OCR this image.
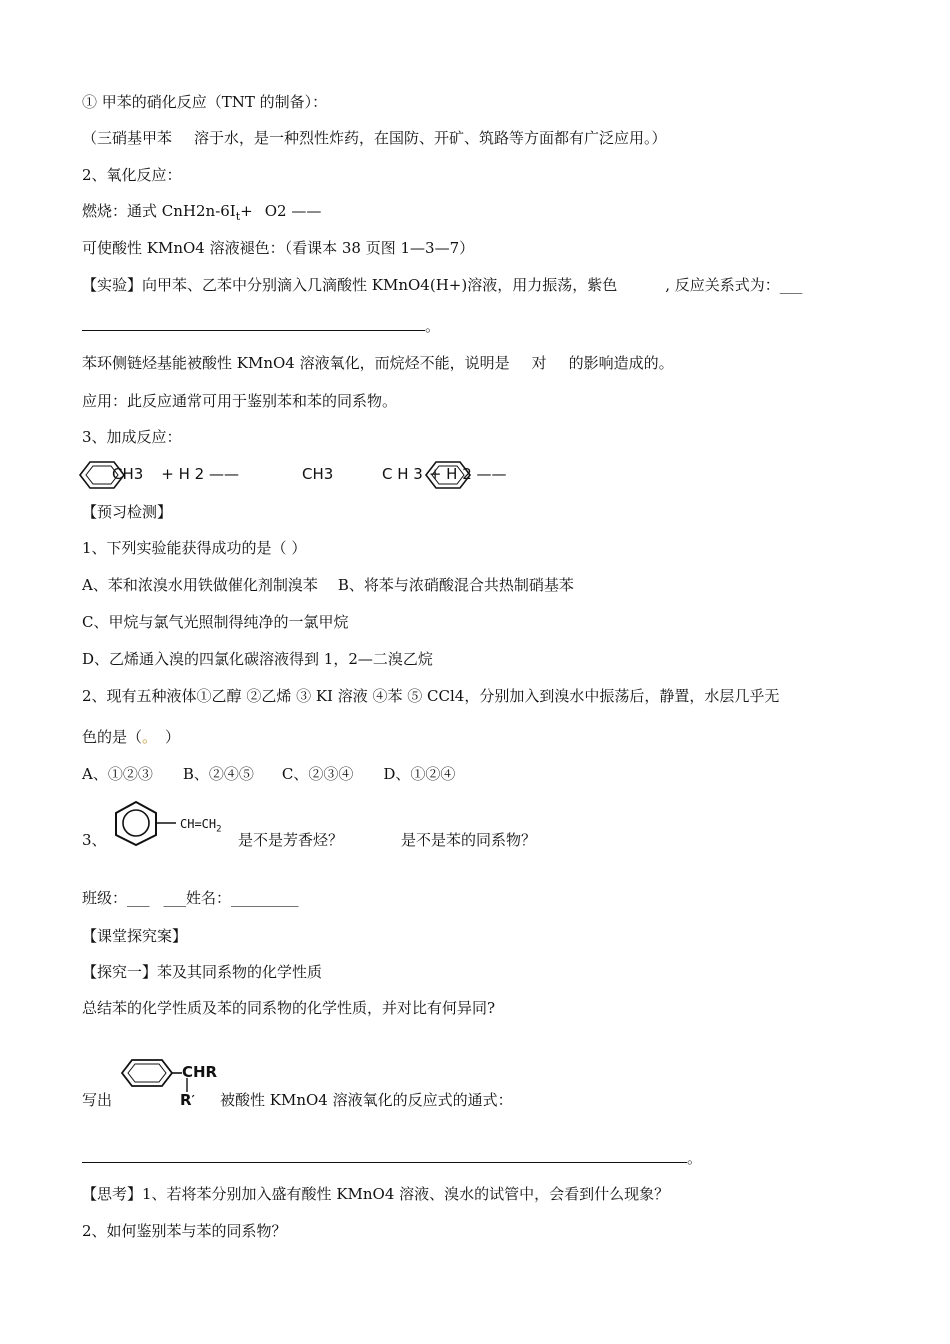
① 甲苯的硝化反应（TNT 的制备）：
（三硝基甲苯 溶于水，是一种烈性炸药，在国防、开矿、筑路等方面都有广泛应用。）
2、氧化反应：
燃烧：通式 $CnH2n-6I_t+ O2$ ——
可使酸性 KMnO4 溶液褪色：（看课本 38 页图 1—3—7）
【实验】向甲苯、乙苯中分别滴入几滴酸性 KMnO4(H+)溶液，用力振荡，紫色	, 反应关系式为：___
。
苯环侧链烃基能被酸性 KMnO4 溶液氧化，而烷烃不能，说明是 对 的影响造成的。
应用：此反应通常可用于鉴别苯和苯的同系物。
3、加成反应：
CH3 + H 2 ——	CH3	C H 3 + H 2 ——
【预习检测】
1、下列实验能获得成功的是（ ）
A、苯和浓溴水用铁做催化剂制溴苯 B、将苯与浓硝酸混合共热制硝基苯
C、甲烷与氯气光照制得纯净的一氯甲烷
D、乙烯通入溴的四氯化碳溶液得到 1，2—二溴乙烷
2、现有五种液体①乙醇 ②乙烯 ③ KI 溶液 ④苯 ⑤ CCl4，分别加入到溴水中振荡后，静置，水层几乎无
色的是（。 ）
A、①②③ B、②④⑤ C、②③④ D、①②④
3、
$CH=CH_2$
是不是芳香烃？	是不是苯的同系物？
班级：___ ___姓名：_________
【课堂探究案】
【探究一】苯及其同系物的化学性质
总结苯的化学性质及苯的同系物的化学性质，并对比有何异同?
CHR
R′
写出	被酸性 KMnO4 溶液氧化的反应式的通式：
。
【思考】1、若将苯分别加入盛有酸性 KMnO4 溶液、溴水的试管中，会看到什么现象？
2、如何鉴别苯与苯的同系物？
